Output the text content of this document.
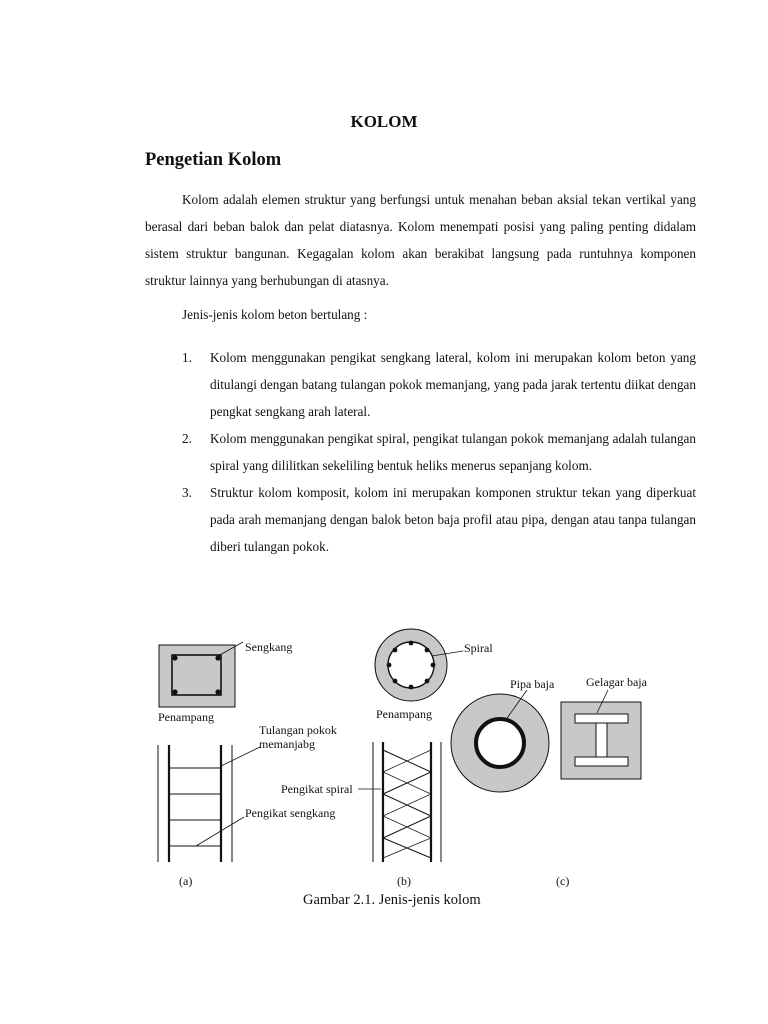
KOLOM
Pengetian Kolom
Kolom adalah elemen struktur yang berfungsi untuk menahan beban aksial tekan vertikal yang berasal dari beban balok dan pelat diatasnya. Kolom menempati posisi yang paling penting didalam sistem struktur bangunan. Kegagalan kolom akan berakibat langsung pada runtuhnya komponen struktur lainnya yang berhubungan di atasnya.
Jenis-jenis kolom beton bertulang :
1. Kolom menggunakan pengikat sengkang lateral, kolom ini merupakan kolom beton yang ditulangi dengan batang tulangan pokok memanjang, yang pada jarak tertentu diikat dengan pengkat sengkang arah lateral.
2. Kolom menggunakan pengikat spiral, pengikat tulangan pokok memanjang adalah tulangan spiral yang dililitkan sekeliling bentuk heliks menerus sepanjang kolom.
3. Struktur kolom komposit, kolom ini merupakan komponen struktur tekan yang diperkuat pada arah memanjang dengan balok beton baja profil atau pipa, dengan atau tanpa tulangan diberi tulangan pokok.
Sengkang
Penampang
Tulangan pokok
memanjabg
Pengikat sengkang
Spiral
Penampang
Pengikat spiral
Pipa baja	Gelagar baja
(a)	(b)	(c)
Gambar 2.1. Jenis-jenis kolom
